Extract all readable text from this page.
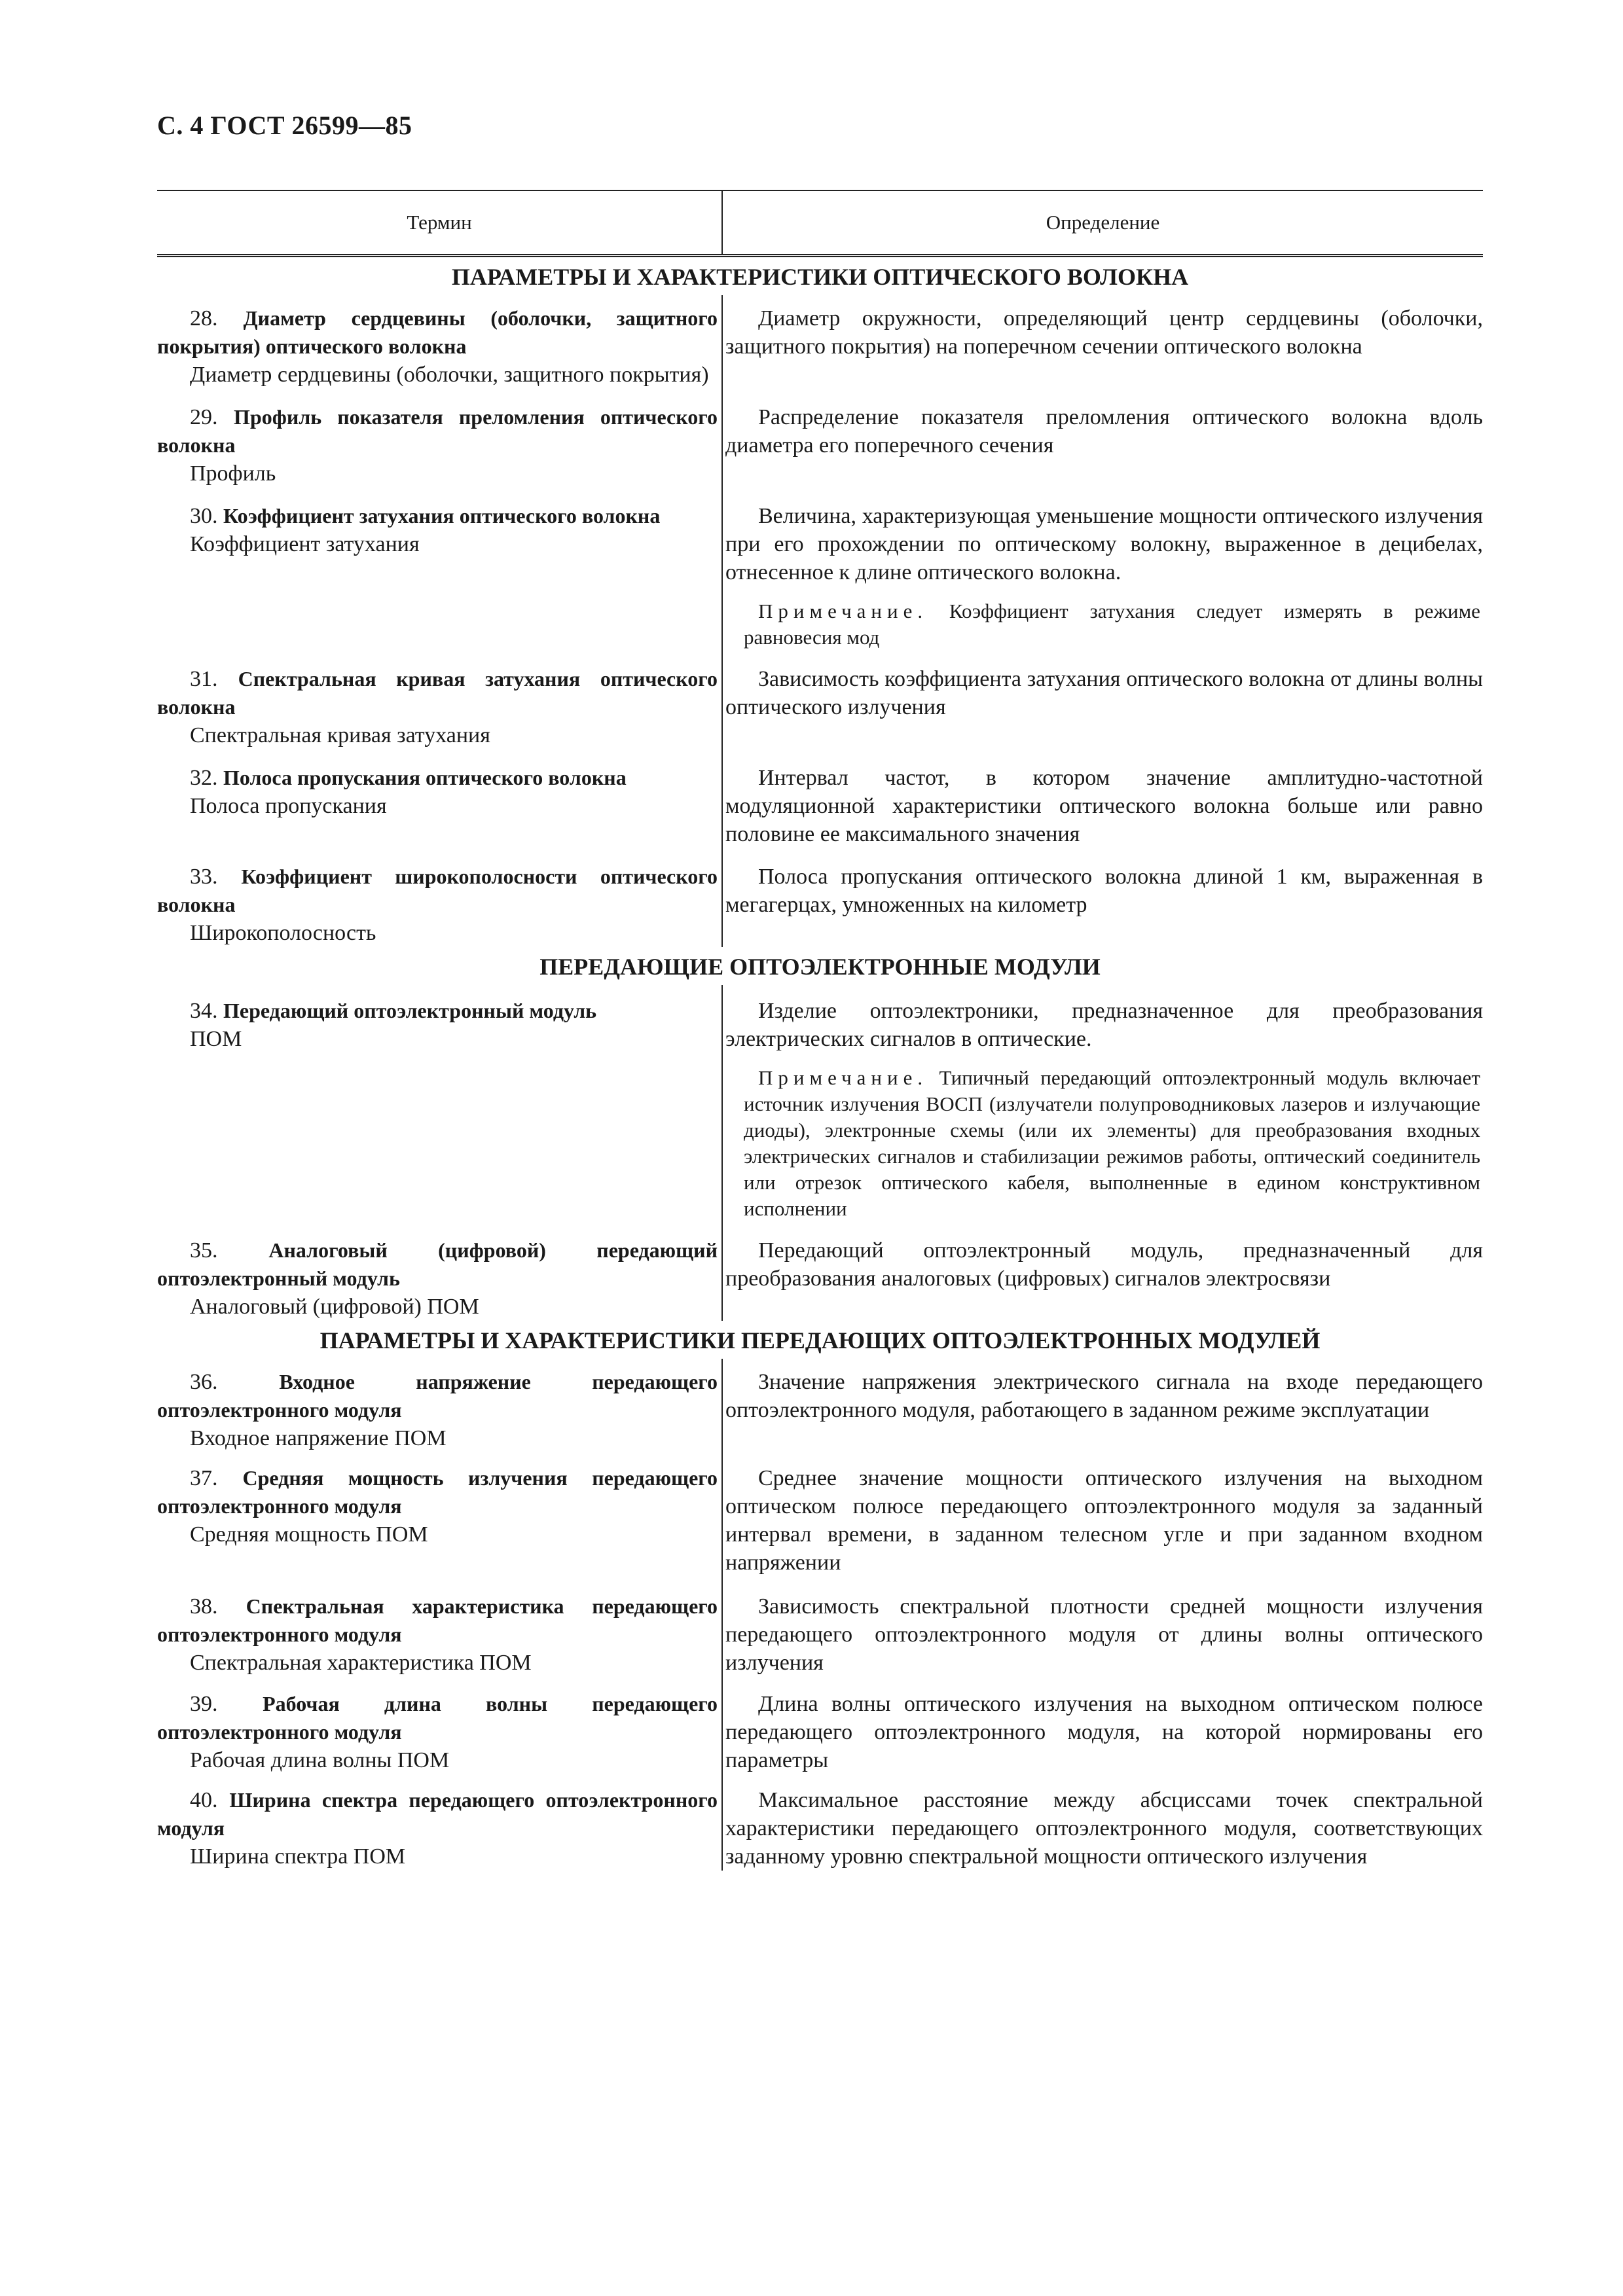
С. 4 ГОСТ 26599—85
Термин	Определение
ПАРАМЕТРЫ И ХАРАКТЕРИСТИКИ ОПТИЧЕСКОГО ВОЛОКНА
28. Диаметр сердцевины (оболочки, защитного покрытия) оптического волокна
Диаметр сердцевины (оболочки, защитного покрытия)
Диаметр окружности, определяющий центр сердцевины (оболочки, защитного покрытия) на поперечном сечении оптического волокна
29. Профиль показателя преломления оптического волокна
Профиль
Распределение показателя преломления оптического волокна вдоль диаметра его поперечного сечения
30. Коэффициент затухания оптического волокна
Коэффициент затухания
Величина, характеризующая уменьшение мощности оптического излучения при его прохождении по оптическому волокну, выраженное в децибелах, отнесенное к длине оптического волокна.
Примечание. Коэффициент затухания следует измерять в режиме равновесия мод
31. Спектральная кривая затухания оптического волокна
Спектральная кривая затухания
Зависимость коэффициента затухания оптического волокна от длины волны оптического излучения
32. Полоса пропускания оптического волокна
Полоса пропускания
Интервал частот, в котором значение амплитудно-частотной модуляционной характеристики оптического волокна больше или равно половине ее максимального значения
33. Коэффициент широкополосности оптического волокна
Широкополосность
Полоса пропускания оптического волокна длиной 1 км, выраженная в мегагерцах, умноженных на километр
ПЕРЕДАЮЩИЕ ОПТОЭЛЕКТРОННЫЕ МОДУЛИ
34. Передающий оптоэлектронный модуль
ПОМ
Изделие оптоэлектроники, предназначенное для преобразования электрических сигналов в оптические.
Примечание. Типичный передающий оптоэлектронный модуль включает источник излучения ВОСП (излучатели полупроводниковых лазеров и излучающие диоды), электронные схемы (или их элементы) для преобразования входных электрических сигналов и стабилизации режимов работы, оптический соединитель или отрезок оптического кабеля, выполненные в едином конструктивном исполнении
35. Аналоговый (цифровой) передающий оптоэлектронный модуль
Аналоговый (цифровой) ПОМ
Передающий оптоэлектронный модуль, предназначенный для преобразования аналоговых (цифровых) сигналов электросвязи
ПАРАМЕТРЫ И ХАРАКТЕРИСТИКИ ПЕРЕДАЮЩИХ ОПТОЭЛЕКТРОННЫХ МОДУЛЕЙ
36.	Входное напряжение передающего оптоэлектронного модуля
Входное напряжение ПОМ
Значение напряжения электрического сигнала на входе передающего оптоэлектронного модуля, работающего в заданном режиме эксплуатации
37. Средняя мощность излучения передающего оптоэлектронного модуля
Средняя мощность ПОМ
Среднее значение мощности оптического излучения на выходном оптическом полюсе передающего оптоэлектронного модуля за заданный интервал времени, в заданном телесном угле и при заданном входном напряжении
38. Спектральная характеристика передающего оптоэлектронного модуля
Спектральная характеристика ПОМ
Зависимость спектральной плотности средней мощности излучения передающего оптоэлектронного модуля от длины волны оптического излучения
39. Рабочая длина волны передающего оптоэлектронного модуля
Рабочая длина волны ПОМ
Длина волны оптического излучения на выходном оптическом полюсе передающего оптоэлектронного модуля, на которой нормированы его параметры
40. Ширина спектра передающего оптоэлектронного модуля
Ширина спектра ПОМ
Максимальное расстояние между абсциссами точек спектральной характеристики передающего оптоэлектронного модуля, соответствующих заданному уровню спектральной мощности оптического излучения
